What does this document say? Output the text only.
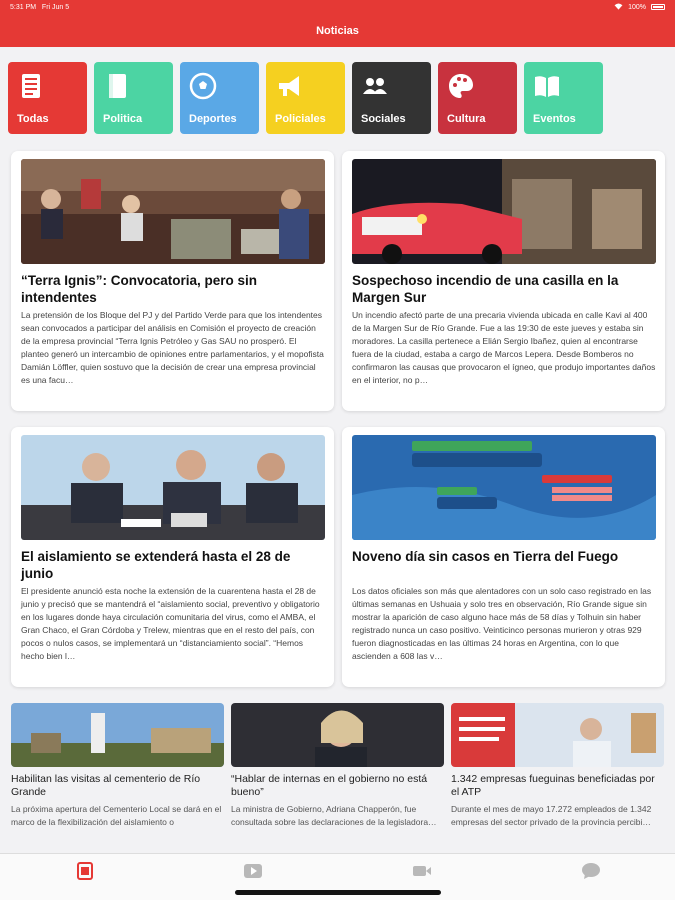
5:31 PM Fri Jun 5	100%
Noticias
Todas	Politica	Deportes	Policiales	Sociales	Cultura	Eventos
“Terra Ignis”: Convocatoria, pero sin intendentes
La pretensión de los Bloque del PJ y del Partido Verde para que los intendentes sean convocados a participar del análisis en Comisión el proyecto de creación de la empresa provincial “Terra Ignis Petróleo y Gas SAU no prosperó. El planteo generó un intercambio de opiniones entre parlamentarios, y el mopofista Damián Löffler, quien sostuvo que la decisión de crear una empresa provincial es una facu…
Sospechoso incendio de una casilla en la Margen Sur
Un incendio afectó parte de una precaria vivienda ubicada en calle Kavi al 400 de la Margen Sur de Río Grande. Fue a las 19:30 de este jueves y estaba sin moradores. La casilla pertenece a Elián Sergio Ibañez, quien al encontrarse fuera de la ciudad, estaba a cargo de Marcos Lepera. Desde Bomberos no confirmaron las causas que provocaron el ígneo, que produjo importantes daños en el interior, no p…
El aislamiento se extenderá hasta el 28 de junio
El presidente anunció esta noche la extensión de la cuarentena hasta el 28 de junio y precisó que se mantendrá el “aislamiento social, preventivo y obligatorio en los lugares donde haya circulación comunitaria del virus, como el AMBA, el Gran Chaco, el Gran Córdoba y Trelew, mientras que en el resto del país, con pocos o nulos casos, se implementará un “distanciamiento social”. “Hemos hecho bien l…
Noveno día sin casos en Tierra del Fuego
Los datos oficiales son más que alentadores con un solo caso registrado en las últimas semanas en Ushuaia y solo tres en observación, Río Grande sigue sin mostrar la aparición de caso alguno hace más de 58 días y Tolhuin sin haber registrado nunca un caso positivo. Veinticinco personas murieron y otras 929 fueron diagnosticadas en las últimas 24 horas en Argentina, con lo que ascienden a 608 las v…
Habilitan las visitas al cementerio de Río Grande
La próxima apertura del Cementerio Local se dará en el marco de la flexibilización del aislamiento o
“Hablar de internas en el gobierno no está bueno”
La ministra de Gobierno, Adriana Chapperón, fue consultada sobre las declaraciones de la legisladora…
1.342 empresas fueguinas beneficiadas por el ATP
Durante el mes de mayo 17.272 empleados de 1.342 empresas del sector privado de la provincia percibi…
